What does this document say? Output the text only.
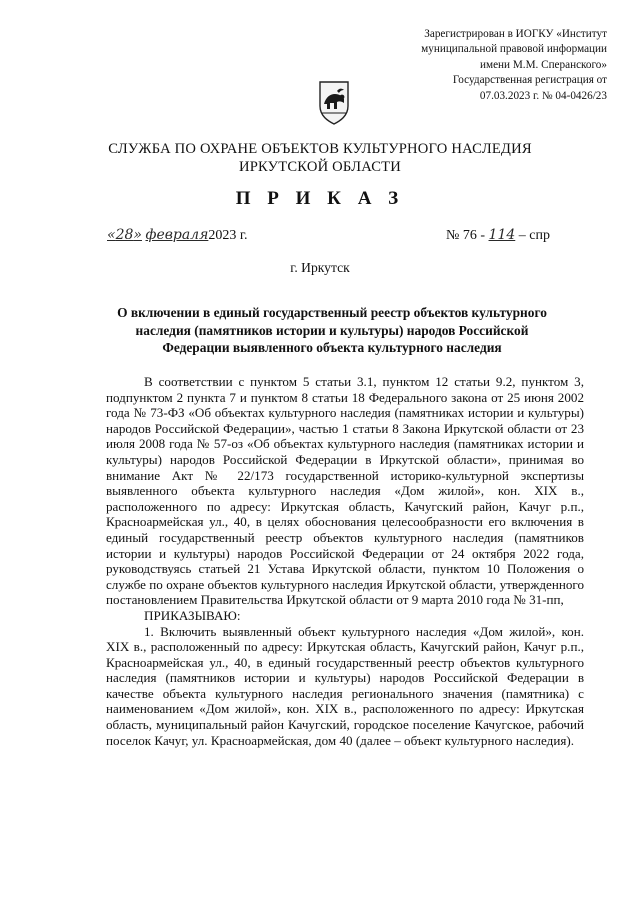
Зарегистрирован в ИОГКУ «Институт
муниципальной правовой информации
имени М.М. Сперанского»
Государственная регистрация от
07.03.2023 г. № 04-0426/23
СЛУЖБА ПО ОХРАНЕ ОБЪЕКТОВ КУЛЬТУРНОГО НАСЛЕДИЯ
ИРКУТСКОЙ ОБЛАСТИ
П Р И К А З
«28» февраля2023 г.	№ 76 - 114 – спр
г. Иркутск
О включении в единый государственный реестр объектов культурного
наследия (памятников истории и культуры) народов Российской
Федерации выявленного объекта культурного наследия

В соответствии с пунктом 5 статьи 3.1, пунктом 12 статьи 9.2, пунктом 3, подпунктом 2 пункта 7 и пунктом 8 статьи 18 Федерального закона от 25 июня 2002 года № 73-ФЗ «Об объектах культурного наследия (памятниках истории и культуры) народов Российской Федерации», частью 1 статьи 8 Закона Иркутской области от 23 июля 2008 года № 57-оз «Об объектах культурного наследия (памятниках истории и культуры) народов Российской Федерации в Иркутской области», принимая во внимание Акт № 22/173 государственной историко-культурной экспертизы выявленного объекта культурного наследия «Дом жилой», кон. XIX в., расположенного по адресу: Иркутская область, Качугский район, Качуг р.п., Красноармейская ул., 40, в целях обоснования целесообразности его включения в единый государственный реестр объектов культурного наследия (памятников истории и культуры) народов Российской Федерации от 24 октября 2022 года, руководствуясь статьей 21 Устава Иркутской области, пунктом 10 Положения о службе по охране объектов культурного наследия Иркутской области, утвержденного постановлением Правительства Иркутской области от 9 марта 2010 года № 31-пп,

ПРИКАЗЫВАЮ:

1. Включить выявленный объект культурного наследия «Дом жилой», кон. XIX в., расположенный по адресу: Иркутская область, Качугский район, Качуг р.п., Красноармейская ул., 40, в единый государственный реестр объектов культурного наследия (памятников истории и культуры) народов Российской Федерации в качестве объекта культурного наследия регионального значения (памятника) с наименованием «Дом жилой», кон. XIX в., расположенного по адресу: Иркутская область, муниципальный район Качугский, городское поселение Качугское, рабочий поселок Качуг, ул. Красноармейская, дом 40 (далее – объект культурного наследия).
